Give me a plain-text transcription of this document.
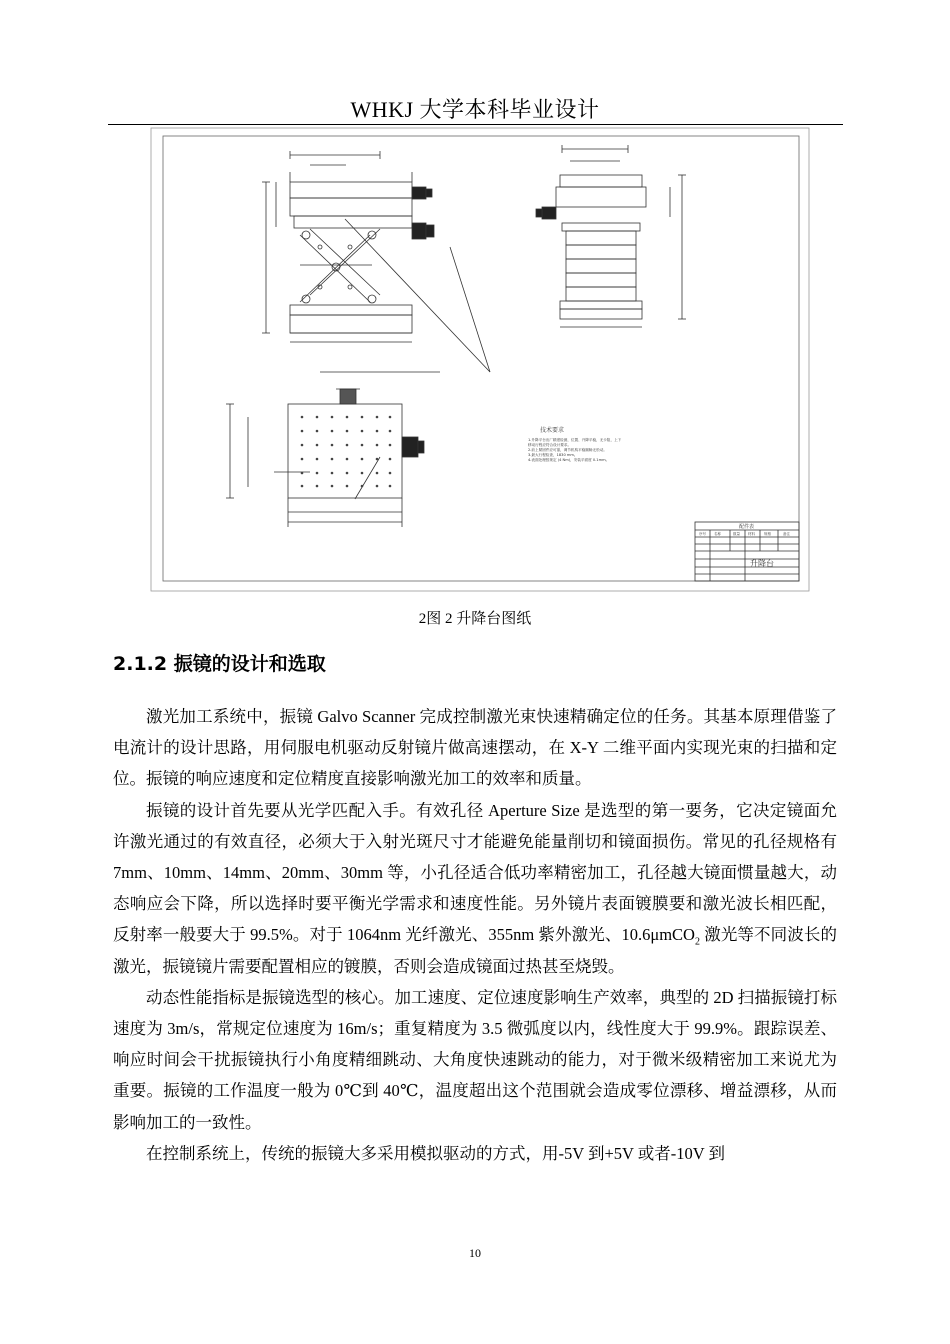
WHKJ 大学本科毕业设计
技术要求
1.升降平台出厂精度检测，位置、升降平稳，无卡阻，上下
移动行程应符合设计要求。
2.前上紧固件应可靠，调节机构平稳顺畅无松动。
3.最大行程检查，1830 mm。
4.表面处理按规定 (4 Nm)，安装平面度 0.1mm。
配件表
序号 名称	数量 材料	规格	备注
升降台
2图 2 升降台图纸
2.1.2 振镜的设计和选取

激光加工系统中，振镜 Galvo Scanner 完成控制激光束快速精确定位的任务。其基本原理借鉴了电流计的设计思路，用伺服电机驱动反射镜片做高速摆动，在 X-Y 二维平面内实现光束的扫描和定位。振镜的响应速度和定位精度直接影响激光加工的效率和质量。

振镜的设计首先要从光学匹配入手。有效孔径 Aperture Size 是选型的第一要务，它决定镜面允许激光通过的有效直径，必须大于入射光斑尺寸才能避免能量削切和镜面损伤。常见的孔径规格有 7mm、10mm、14mm、20mm、30mm 等，小孔径适合低功率精密加工，孔径越大镜面惯量越大，动态响应会下降，所以选择时要平衡光学需求和速度性能。另外镜片表面镀膜要和激光波长相匹配，反射率一般要大于 99.5%。对于 1064nm 光纤激光、355nm 紫外激光、10.6μmCO$_2$ 激光等不同波长的激光，振镜镜片需要配置相应的镀膜，否则会造成镜面过热甚至烧毁。

动态性能指标是振镜选型的核心。加工速度、定位速度影响生产效率，典型的 2D 扫描振镜打标速度为 3m/s，常规定位速度为 16m/s；重复精度为 3.5 微弧度以内，线性度大于 99.9%。跟踪误差、响应时间会干扰振镜执行小角度精细跳动、大角度快速跳动的能力，对于微米级精密加工来说尤为重要。振镜的工作温度一般为 0℃到 40℃，温度超出这个范围就会造成零位漂移、增益漂移，从而影响加工的一致性。

在控制系统上，传统的振镜大多采用模拟驱动的方式，用-5V 到+5V 或者-10V 到

10
